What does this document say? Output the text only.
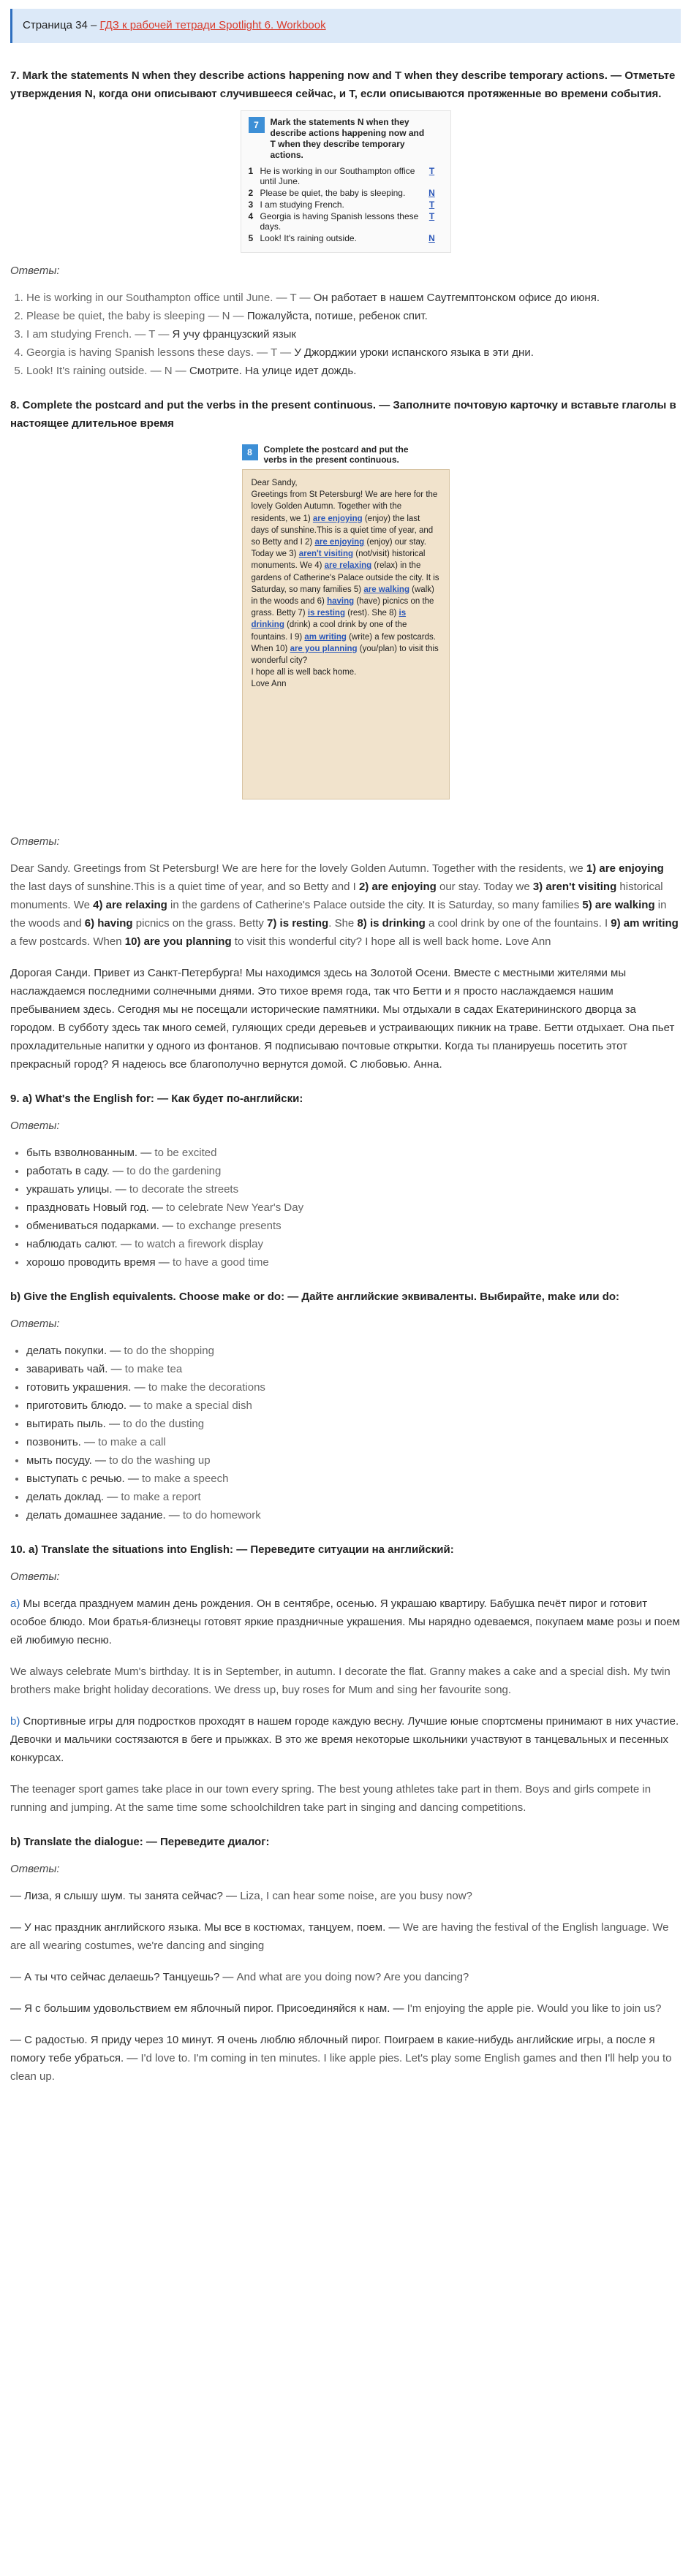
Страница 34 – ГДЗ к рабочей тетради Spotlight 6. Workbook
7. Mark the statements N when they describe actions happening now and T when they describe temporary actions. — Отметьте утверждения N, когда они описывают случившееся сейчас, и T, если описываются протяженные во времени события.
7 Mark the statements N when they describe actions happening now and T when they describe temporary actions.
1	He is working in our Southampton office until June.	T
2	Please be quiet, the baby is sleeping.	N
3	I am studying French.	T
4	Georgia is having Spanish lessons these days.	T
5	Look! It's raining outside.	N
Ответы:
1. He is working in our Southampton office until June. — T — Он работает в нашем Саутгемптонском офисе до июня.
2. Please be quiet, the baby is sleeping — N — Пожалуйста, потише, ребенок спит.
3. I am studying French. — T — Я учу французский язык
4. Georgia is having Spanish lessons these days. — T — У Джорджии уроки испанского языка в эти дни.
5. Look! It's raining outside. — N — Смотрите. На улице идет дождь.
8. Complete the postcard and put the verbs in the present continuous. — Заполните почтовую карточку и вставьте глаголы в настоящее длительное время
8 Complete the postcard and put the verbs in the present continuous.
Dear Sandy,
Greetings from St Petersburg! We are here for the lovely Golden Autumn. Together with the residents, we 1) are enjoying (enjoy) the last days of sunshine.This is a quiet time of year, and so Betty and I 2) are enjoying (enjoy) our stay. Today we 3) aren't visiting (not/visit) historical monuments. We 4) are relaxing (relax) in the gardens of Catherine's Palace outside the city. It is Saturday, so many families 5) are walking (walk) in the woods and 6) having (have) picnics on the grass. Betty 7) is resting (rest). She 8) is drinking (drink) a cool drink by one of the fountains. I 9) am writing (write) a few postcards. When 10) are you planning (you/plan) to visit this wonderful city?
I hope all is well back home.
Love Ann
Ответы:

Dear Sandy. Greetings from St Petersburg! We are here for the lovely Golden Autumn. Together with the residents, we 1) are enjoying the last days of sunshine.This is a quiet time of year, and so Betty and I 2) are enjoying our stay. Today we 3) aren't visiting historical monuments. We 4) are relaxing in the gardens of Catherine's Palace outside the city. It is Saturday, so many families 5) are walking in the woods and 6) having picnics on the grass. Betty 7) is resting. She 8) is drinking a cool drink by one of the fountains. I 9) am writing a few postcards. When 10) are you planning to visit this wonderful city? I hope all is well back home. Love Ann

Дорогая Санди. Привет из Санкт-Петербурга! Мы находимся здесь на Золотой Осени. Вместе с местными жителями мы наслаждаемся последними солнечными днями. Это тихое время года, так что Бетти и я просто наслаждаемся нашим пребыванием здесь. Сегодня мы не посещали исторические памятники. Мы отдыхали в садах Екатерининского дворца за городом. В субботу здесь так много семей, гуляющих среди деревьев и устраивающих пикник на траве. Бетти отдыхает. Она пьет прохладительные напитки у одного из фонтанов. Я подписываю почтовые открытки. Когда ты планируешь посетить этот прекрасный город? Я надеюсь все благополучно вернутся домой. С любовью. Анна.

9. a) What's the English for: — Как будет по-английски:
Ответы:
• быть взволнованным. — to be excited
• работать в саду. — to do the gardening
• украшать улицы. — to decorate the streets
• праздновать Новый год. — to celebrate New Year's Day
• обмениваться подарками. — to exchange presents
• наблюдать салют. — to watch a firework display
• хорошо проводить время — to have a good time
b) Give the English equivalents. Choose make or do: — Дайте английские эквиваленты. Выбирайте, make или do:
Ответы:
• делать покупки. — to do the shopping
• заваривать чай. — to make tea
• готовить украшения. — to make the decorations
• приготовить блюдо. — to make a special dish
• вытирать пыль. — to do the dusting
• позвонить. — to make a call
• мыть посуду. — to do the washing up
• выступать с речью. — to make a speech
• делать доклад. — to make a report
• делать домашнее задание. — to do homework
10. a) Translate the situations into English: — Переведите ситуации на английский:
Ответы:

a) Мы всегда празднуем мамин день рождения. Он в сентябре, осенью. Я украшаю квартиру. Бабушка печёт пирог и готовит особое блюдо. Мои братья-близнецы готовят яркие праздничные украшения. Мы нарядно одеваемся, покупаем маме розы и поем ей любимую песню.

We always celebrate Mum's birthday. It is in September, in autumn. I decorate the flat. Granny makes a cake and a special dish. My twin brothers make bright holiday decorations. We dress up, buy roses for Mum and sing her favourite song.

b) Спортивные игры для подростков проходят в нашем городе каждую весну. Лучшие юные спортсмены принимают в них участие. Девочки и мальчики состязаются в беге и прыжках. В это же время некоторые школьники участвуют в танцевальных и песенных конкурсах.

The teenager sport games take place in our town every spring. The best young athletes take part in them. Boys and girls compete in running and jumping. At the same time some schoolchildren take part in singing and dancing competitions.

b) Translate the dialogue: — Переведите диалог:
Ответы:

— Лиза, я слышу шум. ты занята сейчас? — Liza, I can hear some noise, are you busy now?

— У нас праздник английского языка. Мы все в костюмах, танцуем, поем. — We are having the festival of the English language. We are all wearing costumes, we're dancing and singing

— А ты что сейчас делаешь? Танцуешь? — And what are you doing now? Are you dancing?

— Я с большим удовольствием ем яблочный пирог. Присоединяйся к нам. — I'm enjoying the apple pie. Would you like to join us?

— С радостью. Я приду через 10 минут. Я очень люблю яблочный пирог. Поиграем в какие-нибудь английские игры, а после я помогу тебе убраться. — I'd love to. I'm coming in ten minutes. I like apple pies. Let's play some English games and then I'll help you to clean up.
